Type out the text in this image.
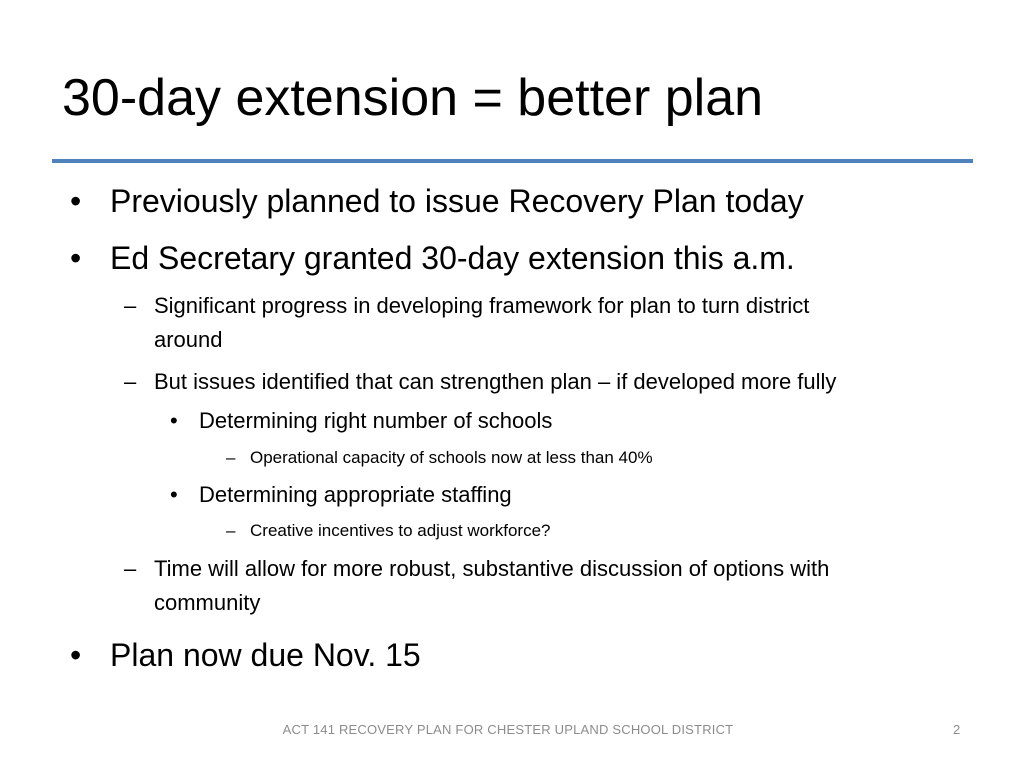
30-day extension = better plan
• Previously planned to issue Recovery Plan today
• Ed Secretary granted 30-day extension this a.m.
– Significant progress in developing framework for plan to turn district
around
– But issues identified that can strengthen plan – if developed more fully
• Determining right number of schools
– Operational capacity of schools now at less than 40%
• Determining appropriate staffing
– Creative incentives to adjust workforce?
– Time will allow for more robust, substantive discussion of options with
community
• Plan now due Nov. 15
ACT 141 RECOVERY PLAN FOR CHESTER UPLAND SCHOOL DISTRICT	2
